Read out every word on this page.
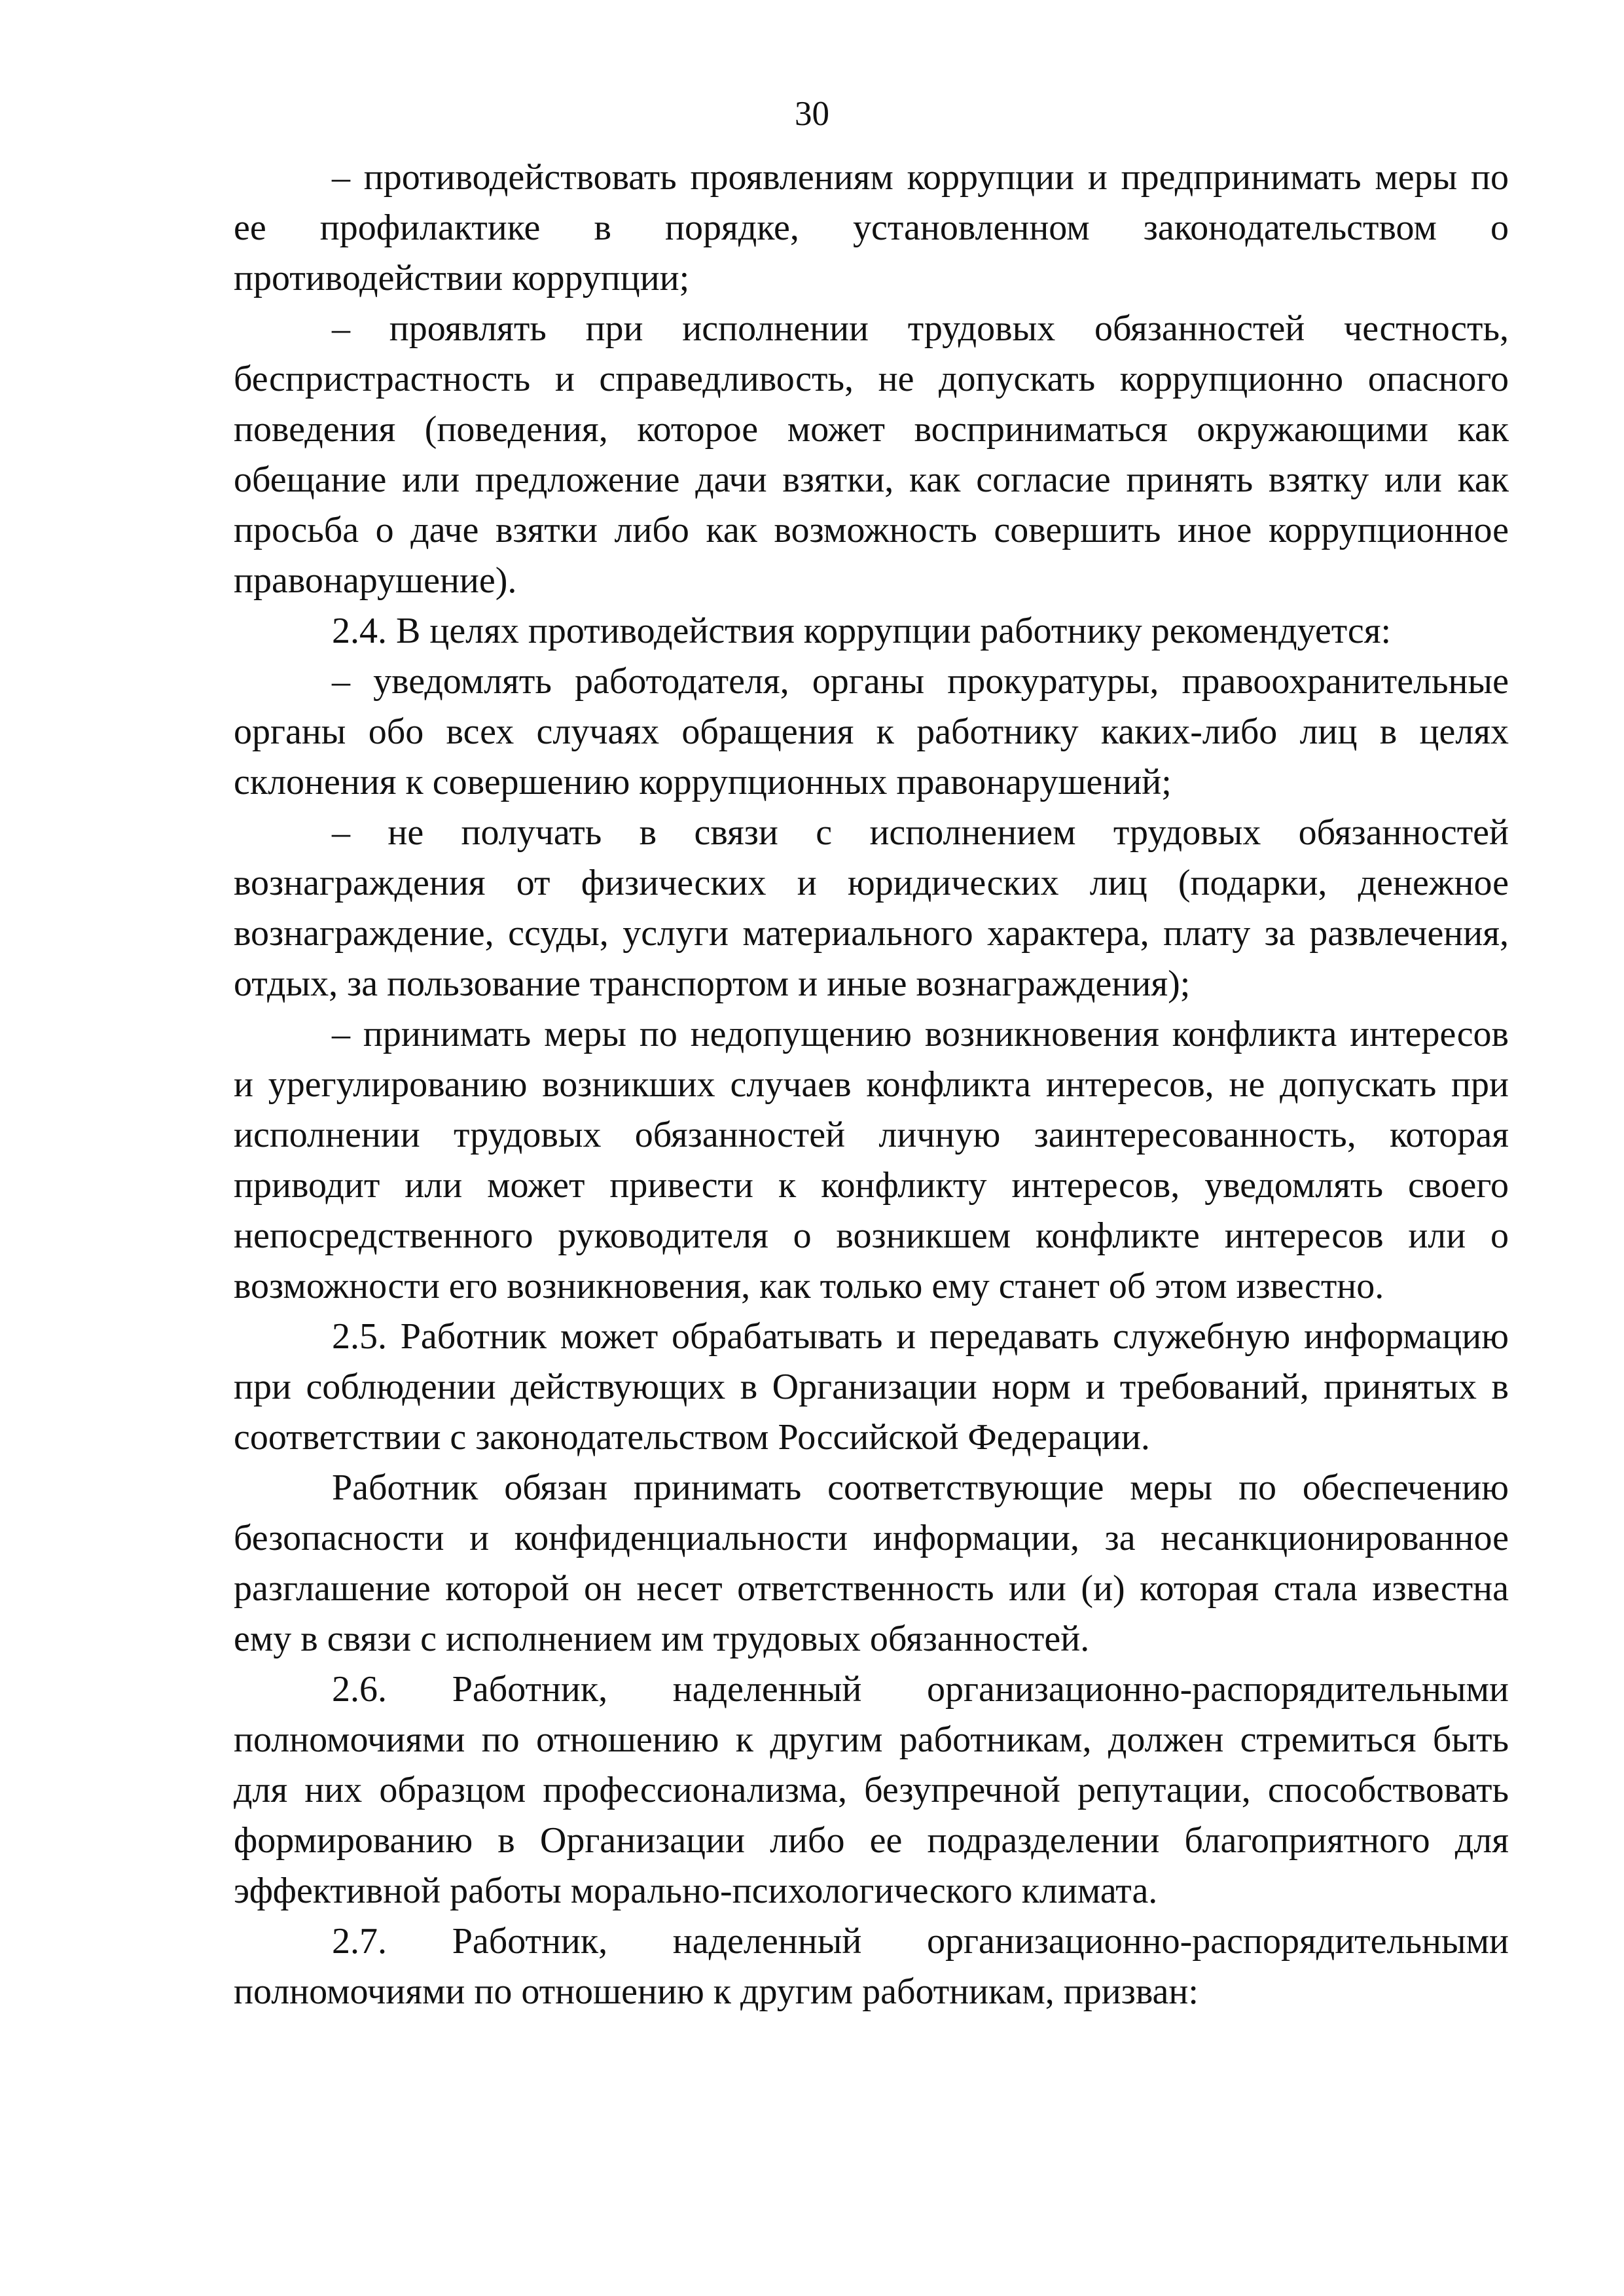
30

– противодействовать проявлениям коррупции и предпринимать меры по ее профилактике в порядке, установленном законодательством о противодействии коррупции;

– проявлять при исполнении трудовых обязанностей честность, беспристрастность и справедливость, не допускать коррупционно опасного поведения (поведения, которое может восприниматься окружающими как обещание или предложение дачи взятки, как согласие принять взятку или как просьба о даче взятки либо как возможность совершить иное коррупционное правонарушение).

2.4. В целях противодействия коррупции работнику рекомендуется:

– уведомлять работодателя, органы прокуратуры, правоохранительные органы обо всех случаях обращения к работнику каких-либо лиц в целях склонения к совершению коррупционных правонарушений;

– не получать в связи с исполнением трудовых обязанностей вознаграждения от физических и юридических лиц (подарки, денежное вознаграждение, ссуды, услуги материального характера, плату за развлечения, отдых, за пользование транспортом и иные вознаграждения);

– принимать меры по недопущению возникновения конфликта интересов и урегулированию возникших случаев конфликта интересов, не допускать при исполнении трудовых обязанностей личную заинтересованность, которая приводит или может привести к конфликту интересов, уведомлять своего непосредственного руководителя о возникшем конфликте интересов или о возможности его возникновения, как только ему станет об этом известно.

2.5. Работник может обрабатывать и передавать служебную информацию при соблюдении действующих в Организации норм и требований, принятых в соответствии с законодательством Российской Федерации.

Работник обязан принимать соответствующие меры по обеспечению безопасности и конфиденциальности информации, за несанкционированное разглашение которой он несет ответственность или (и) которая стала известна ему в связи с исполнением им трудовых обязанностей.

2.6. Работник, наделенный организационно-распорядительными полномочиями по отношению к другим работникам, должен стремиться быть для них образцом профессионализма, безупречной репутации, способствовать формированию в Организации либо ее подразделении благоприятного для эффективной работы морально-психологического климата.

2.7. Работник, наделенный организационно-распорядительными полномочиями по отношению к другим работникам, призван:
